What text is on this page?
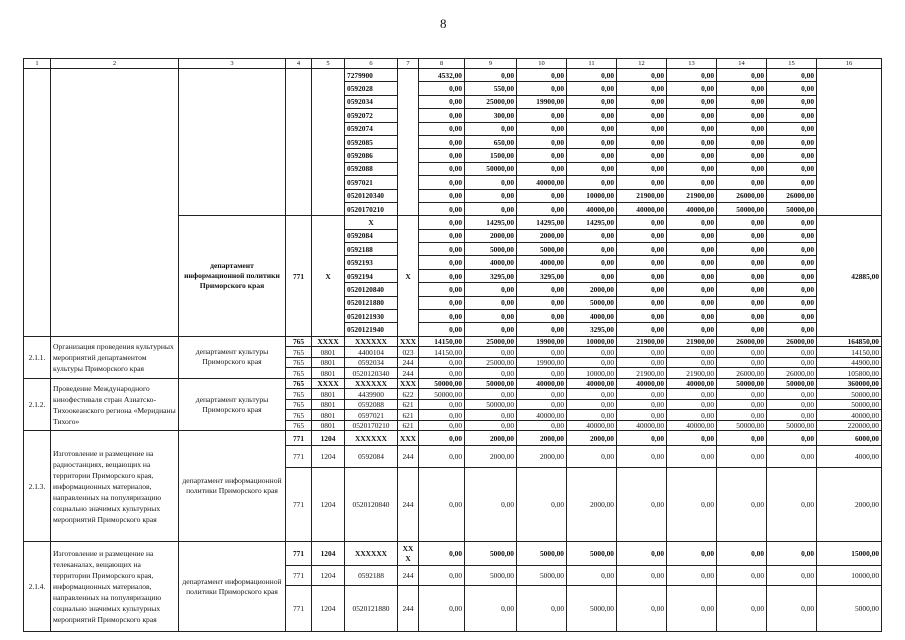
8
1	2	3	4	5	6	7	8	9	10	11	12	13	14	15	16
					7279900		4532,00	0,00	0,00	0,00	0,00	0,00	0,00	0,00	
					0592028		0,00	550,00	0,00	0,00	0,00	0,00	0,00	0,00	
					0592034		0,00	25000,00	19900,00	0,00	0,00	0,00	0,00	0,00	
					0592072		0,00	300,00	0,00	0,00	0,00	0,00	0,00	0,00	
					0592074		0,00	0,00	0,00	0,00	0,00	0,00	0,00	0,00	
					0592085		0,00	650,00	0,00	0,00	0,00	0,00	0,00	0,00	
					0592086		0,00	1500,00	0,00	0,00	0,00	0,00	0,00	0,00	
					0592088		0,00	50000,00	0,00	0,00	0,00	0,00	0,00	0,00	
					0597021		0,00	0,00	40000,00	0,00	0,00	0,00	0,00	0,00	
					0520120340		0,00	0,00	0,00	10000,00	21900,00	21900,00	26000,00	26000,00	
					0520170210		0,00	0,00	0,00	40000,00	40000,00	40000,00	50000,00	50000,00	
		департамент информационной политики Приморского края	771	X	X	X	0,00	14295,00	14295,00	14295,00	0,00	0,00	0,00	0,00	42885,00
					0592084		0,00	2000,00	2000,00	0,00	0,00	0,00	0,00	0,00	
					0592188		0,00	5000,00	5000,00	0,00	0,00	0,00	0,00	0,00	
					0592193		0,00	4000,00	4000,00	0,00	0,00	0,00	0,00	0,00	
					0592194		0,00	3295,00	3295,00	0,00	0,00	0,00	0,00	0,00	
					0520120840		0,00	0,00	0,00	2000,00	0,00	0,00	0,00	0,00	
					0520121880		0,00	0,00	0,00	5000,00	0,00	0,00	0,00	0,00	
					0520121930		0,00	0,00	0,00	4000,00	0,00	0,00	0,00	0,00	
					0520121940		0,00	0,00	0,00	3295,00	0,00	0,00	0,00	0,00	
2.1.1.	Организация проведения культурных мероприятий департаментом культуры Приморского края	департамент культуры Приморского края	765	XXXX	XXXXXX	XXX	14150,00	25000,00	19900,00	10000,00	21900,00	21900,00	26000,00	26000,00	164850,00
			765	0801	4400104	023	14150,00	0,00	0,00	0,00	0,00	0,00	0,00	0,00	14150,00
			765	0801	0592034	244	0,00	25000,00	19900,00	0,00	0,00	0,00	0,00	0,00	44900,00
			765	0801	0520120340	244	0,00	0,00	0,00	10000,00	21900,00	21900,00	26000,00	26000,00	105800,00
2.1.2.	Проведение Международного кинофестиваля стран Азиатско-Тихоокеанского региона «Меридианы Тихого»	департамент культуры Приморского края	765	XXXX	XXXXXX	XXX	50000,00	50000,00	40000,00	40000,00	40000,00	40000,00	50000,00	50000,00	360000,00
			765	0801	4439900	622	50000,00	0,00	0,00	0,00	0,00	0,00	0,00	0,00	50000,00
			765	0801	0592088	621	0,00	50000,00	0,00	0,00	0,00	0,00	0,00	0,00	50000,00
			765	0801	0597021	621	0,00	0,00	40000,00	0,00	0,00	0,00	0,00	0,00	40000,00
			765	0801	0520170210	621	0,00	0,00	0,00	40000,00	40000,00	40000,00	50000,00	50000,00	220000,00
2.1.3.	Изготовление и размещение на радиостанциях, вещающих на территории Приморского края, информационных материалов, направленных на популяризацию социально значимых культурных мероприятий Приморского края	департамент информационной политики Приморского края	771	1204	XXXXXX	XXX	0,00	2000,00	2000,00	2000,00	0,00	0,00	0,00	0,00	6000,00
			771	1204	0592084	244	0,00	2000,00	2000,00	0,00	0,00	0,00	0,00	0,00	4000,00
			771	1204	0520120840	244	0,00	0,00	0,00	2000,00	0,00	0,00	0,00	0,00	2000,00
2.1.4.	Изготовление и размещение на телеканалах, вещающих на территории Приморского края, информационных материалов, направленных на популяризацию социально значимых культурных мероприятий Приморского края	департамент информационной политики Приморского края	771	1204	XXXXXX	XX X	0,00	5000,00	5000,00	5000,00	0,00	0,00	0,00	0,00	15000,00
			771	1204	0592188	244	0,00	5000,00	5000,00	0,00	0,00	0,00	0,00	0,00	10000,00
			771	1204	0520121880	244	0,00	0,00	0,00	5000,00	0,00	0,00	0,00	0,00	5000,00
